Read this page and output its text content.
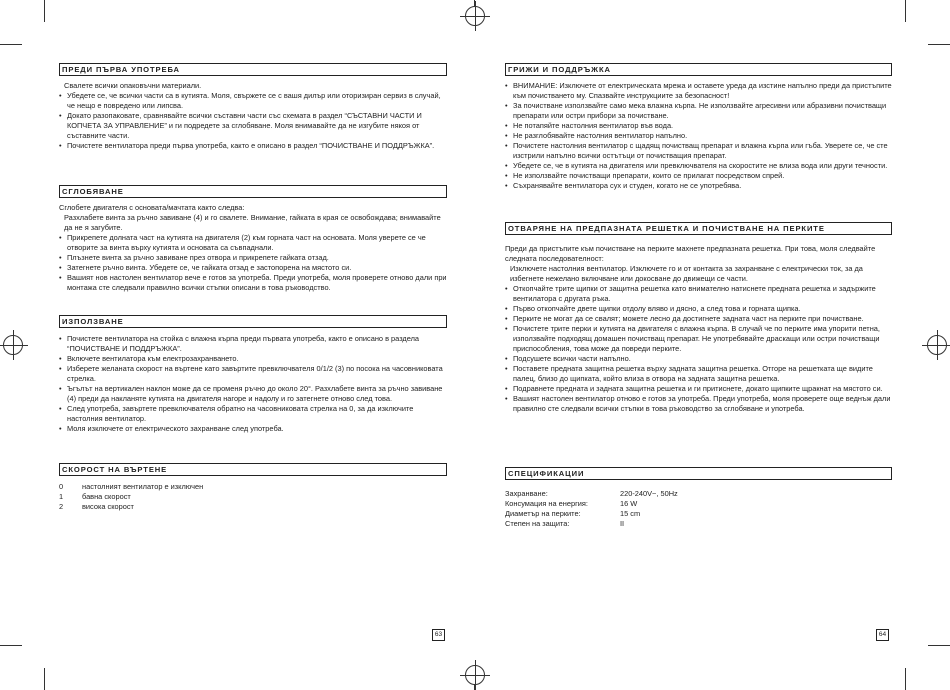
ПРЕДИ ПЪРВА УПОТРЕБА

Свалете всички опаковъчни материали.

• Убедете се, че всички части са в кутията. Моля, свържете се с вашя дилър или оторизиран сервиз в случай, че нещо е повредено или липсва.
• Докато разопаковате, сравнявайте всички съставни части със схемата в раздел “СЪСТАВНИ ЧАСТИ И КОПЧЕТА ЗА УПРАВЛЕНИЕ” и ги подредете за сглобяване. Моля внимавайте да не изгубите някоя от съставните части.
• Почистете вентилатора преди първа употреба, както е описано в раздел “ПОЧИСТВАНЕ И ПОДДРЪЖКА”.
СГЛОБЯВАНЕ

Сглобете двигателя с основата/мачтата както следва:

Разхлабете винта за ръчно завиване (4) и го свалете. Внимание, гайката в края се освобождава; внимавайте да не я загубите.

• Прикрепете долната част на кутията на двигателя (2) към горната част на основата. Моля уверете се че отворите за винта върху кутията и основата са съвпаднали.
• Плъзнете винта за ръчно завиване през отвора и прикрепете гайката отзад.
• Затегнете ръчно винта. Убедете се, че гайката отзад е застопорена на мястото си.
• Вашият нов настолен вентилатор вече е готов за употреба. Преди употреба, моля проверете отново дали при монтажа сте следвали правилно всички стъпки описани в това ръководство.
ИЗПОЛЗВАНЕ
• Почистете вентилатора на стойка с влажна кърпа преди първата употреба, както е описано в раздела “ПОЧИСТВАНЕ И ПОДДРЪЖКА”.
• Включете вентилатора към електрозахранването.
• Изберете желаната скорост на въртене като завъртите превключвателя 0/1/2 (3) по посока на часовниковата стрелка.
• Ъгълът на вертикален наклон може да се променя ръчно до около 20°. Разхлабете винта за ръчно завиване (4) преди да накланяте кутията на двигателя нагоре и надолу и го затегнете отново след това.
• След употреба, завъртете превключвателя обратно на часовниковата стрелка на 0, за да изключите настолния вентилатор.
• Моля изключете от електрическото захранване след употреба.
СКОРОСТ НА ВЪРТЕНЕ
0	настолният вентилатор е изключен
1	бавна скорост
2	висока скорост
63
ГРИЖИ И ПОДДРЪЖКА
• ВНИМАНИЕ: Изключете от електрическата мрежа и оставете уреда да изстине напълно преди да пристъпите към почистването му. Спазвайте инструкциите за безопасност!
• За почистване използвайте само мека влажна кърпа. Не използвайте агресивни или абразивни почистващи препарати или остри прибори за почистване.
• Не потапяйте настолния вентилатор във вода.
• Не разглобявайте настолния вентилатор напълно.
• Почистете настолния вентилатор с щадящ почистващ препарат и влажна кърпа или гъба. Уверете се, че сте изстрили напълно всички остътъци от почистващия препарат.
• Убедете се, че в кутията на двигателя или превключвателя на скоростите не влиза вода или други течности.
• Не използвайте почистващи препарати, които се прилагат посредством спрей.
• Съхранявайте вентилатора сух и студен, когато не се употребява.
ОТВАРЯНЕ НА ПРЕДПАЗНАТА РЕШЕТКА И ПОЧИСТВАНЕ НА ПЕРКИТЕ

Преди да пристъпите към почистване на перките махнете предпазната решетка. При това, моля следвайте следната последователност:

Изключете настолния вентилатор. Изключете го и от контакта за захранване с електрически ток, за да избегнете нежелано включване или докосване до движещи се части.

• Откопчайте трите щипки от защитна решетка като внимателно натиснете предната решетка и задържите вентилатора с другата ръка.
• Първо откопчайте двете щипки отдолу вляво и дясно, а след това и горната щипка.
• Перките не могат да се свалят; можете лесно да достигнете задната част на перките при почистване.
• Почистете трите перки и кутията на двигателя с влажна кърпа. В случай че по перките има упорити петна, използвайте подходящ домашен почистващ препарат. Не употребявайте драскащи или остри почистващи приспособления, това може да повреди перките.
• Подсушете всички части напълно.
• Поставете предната защитна решетка върху задната защитна решетка. Отгоре на решетката ще видите палец, близо до щипката, който влиза в отвора на задната защитна решетка.
• Подравнете предната и задната защитна решетка и ги притиснете, докато щипките щракнат на мястото си.
• Вашият настолен вентилатор отново е готов за употреба. Преди употреба, моля проверете още веднъж дали правилно сте следвали всички стъпки в това ръководство за сглобяване и употреба.
СПЕЦИФИКАЦИИ
Захранване:	220-240V~, 50Hz
Консумация на енергия:	16 W
Диаметър на перките:	15 cm
Степен на защита:	II
64
